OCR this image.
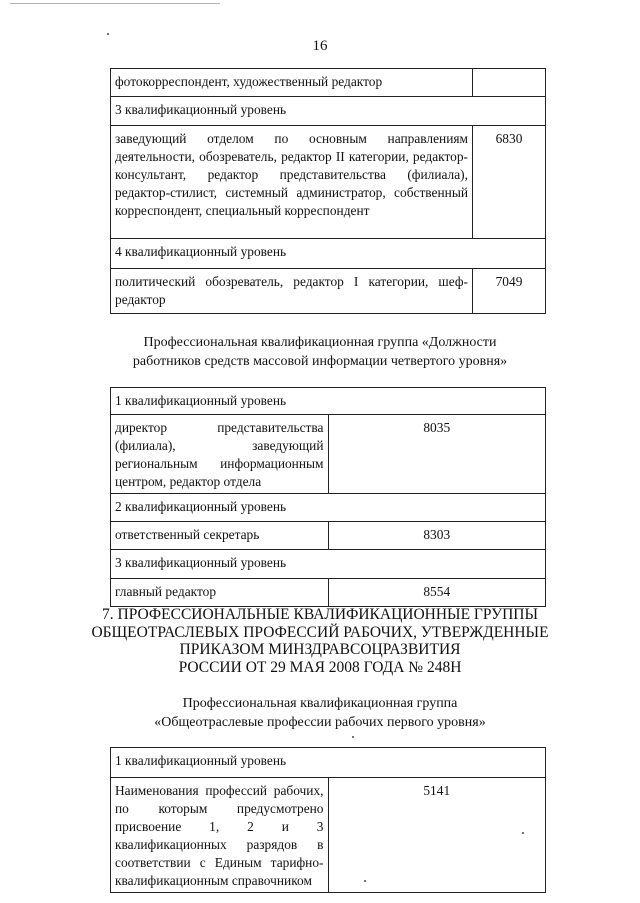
16
фотокорреспондент, художественный редактор	
3 квалификационный уровень	
заведующий отделом по основным направлениям деятельности, обозреватель, редактор II категории, редактор-консультант, редактор представительства (филиала), редактор-стилист, системный администратор, собственный корреспондент, специальный корреспондент	6830
4 квалификационный уровень	
политический обозреватель, редактор I категории, шеф-редактор	7049
Профессиональная квалификационная группа «Должности
работников средств массовой информации четвертого уровня»
1 квалификационный уровень	
директор представительства (филиала), заведующий региональным информационным центром, редактор отдела	8035
2 квалификационный уровень	
ответственный секретарь	8303
3 квалификационный уровень	
главный редактор	8554
7. ПРОФЕССИОНАЛЬНЫЕ КВАЛИФИКАЦИОННЫЕ ГРУППЫ
ОБЩЕОТРАСЛЕВЫХ ПРОФЕССИЙ РАБОЧИХ, УТВЕРЖДЕННЫЕ
ПРИКАЗОМ МИНЗДРАВСОЦРАЗВИТИЯ
РОССИИ ОТ 29 МАЯ 2008 ГОДА № 248Н
Профессиональная квалификационная группа
«Общеотраслевые профессии рабочих первого уровня»
1 квалификационный уровень
Наименования профессий рабочих, по которым предусмотрено присвоение 1, 2 и 3 квалификационных разрядов в соответствии с Единым тарифно-квалификационным справочником	5141
